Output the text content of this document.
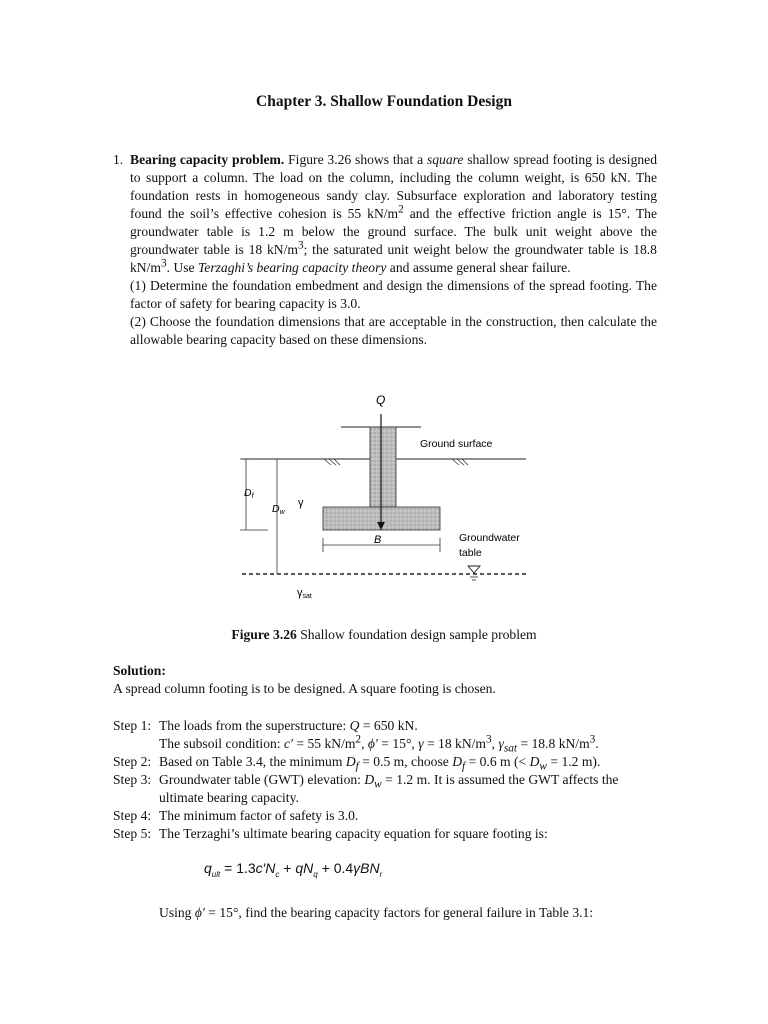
Chapter 3. Shallow Foundation Design
1. Bearing capacity problem. Figure 3.26 shows that a square shallow spread footing is designed to support a column. The load on the column, including the column weight, is 650 kN. The foundation rests in homogeneous sandy clay. Subsurface exploration and laboratory testing found the soil’s effective cohesion is 55 $kN/m^2$ and the effective friction angle is 15°. The groundwater table is 1.2 m below the ground surface. The bulk unit weight above the groundwater table is 18 $kN/m^3$; the saturated unit weight below the groundwater table is 18.8 $kN/m^3$. Use Terzaghi’s bearing capacity theory and assume general shear failure.

(1) Determine the foundation embedment and design the dimensions of the spread footing. The factor of safety for bearing capacity is 3.0.

(2) Choose the foundation dimensions that are acceptable in the construction, then calculate the allowable bearing capacity based on these dimensions.

Q
Ground surface
Df
Dw
γ
B	Groundwater
table
γsat
Figure 3.26 Shallow foundation design sample problem
Solution:
A spread column footing is to be designed. A square footing is chosen.
Step 1: The loads from the superstructure: Q = 650 kN.
The subsoil condition: c′ = 55 $kN/m^2$, ϕ′ = 15°, γ = 18 $kN/m^3$, $\gamma_{sat} = 18.8$ $kN/m^3$.
Step 2: Based on Table 3.4, the minimum $D_f = 0.5$ m, choose $D_f = 0.6$ m (< $D_w = 1.2$ m).
Step 3: Groundwater table (GWT) elevation: $D_w = 1.2$ m. It is assumed the GWT affects the ultimate bearing capacity.
Step 4: The minimum factor of safety is 3.0.
Step 5: The Terzaghi’s ultimate bearing capacity equation for square footing is:
$q_{ult} = 1.3c'N_c + qN_q + 0.4\gamma BN_r$
Using ϕ′ = 15°, find the bearing capacity factors for general failure in Table 3.1:
